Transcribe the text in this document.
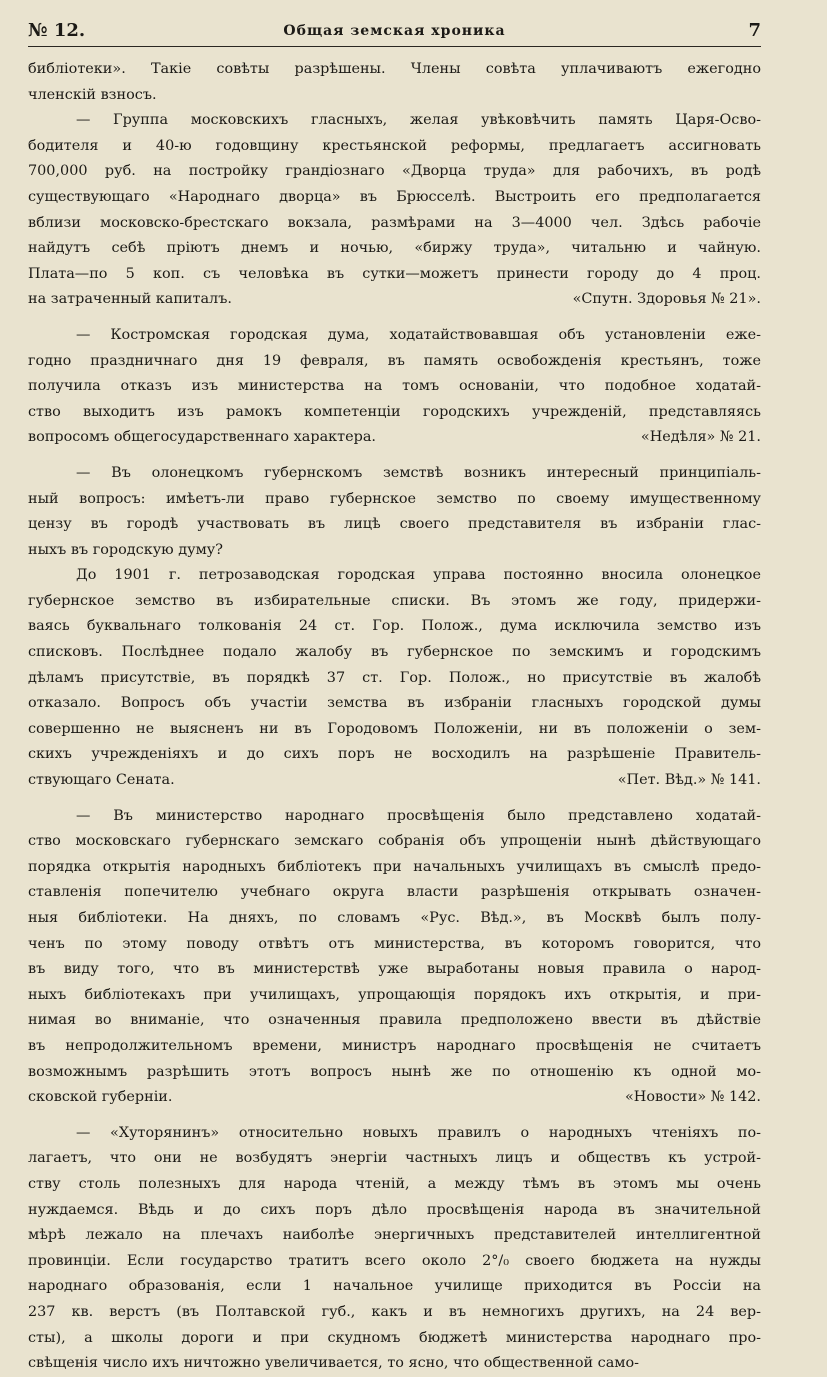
№ 12.	Общая земская хроника	7
библіотеки». Такіе совѣты разрѣшены. Члены совѣта уплачиваютъ ежегодно
членскій взносъ.
— Группа московскихъ гласныхъ, желая увѣковѣчить память Царя-Осво-
бодителя и 40-ю годовщину крестьянской реформы, предлагаетъ ассигновать
700,000 руб. на постройку грандіознаго «Дворца труда» для рабочихъ, въ родѣ
существующаго «Народнаго дворца» въ Брюсселѣ. Выстроить его предполагается
вблизи московско-брестскаго вокзала, размѣрами на 3—4000 чел. Здѣсь рабочіе
найдутъ себѣ пріютъ днемъ и ночью, «биржу труда», читальню и чайную.
Плата—по 5 коп. съ человѣка въ сутки—можетъ принести городу до 4 проц.
на затраченный капиталъ.	«Спутн. Здоровья № 21».
— Костромская городская дума, ходатайствовавшая объ установленіи еже-
годно праздничнаго дня 19 февраля, въ память освобожденія крестьянъ, тоже
получила отказъ изъ министерства на томъ основаніи, что подобное ходатай-
ство выходитъ изъ рамокъ компетенціи городскихъ учрежденій, представляясь
вопросомъ общегосударственнаго характера.	«Недѣля» № 21.
— Въ олонецкомъ губернскомъ земствѣ возникъ интересный принципіаль-
ный вопросъ: имѣетъ-ли право губернское земство по своему имущественному
цензу въ городѣ участвовать въ лицѣ своего представителя въ избраніи глас-
ныхъ въ городскую думу?
До 1901 г. петрозаводская городская управа постоянно вносила олонецкое
губернское земство въ избирательные списки. Въ этомъ же году, придержи-
ваясь буквальнаго толкованія 24 ст. Гор. Полож., дума исключила земство изъ
списковъ. Послѣднее подало жалобу въ губернское по земскимъ и городскимъ
дѣламъ присутствіе, въ порядкѣ 37 ст. Гор. Полож., но присутствіе въ жалобѣ
отказало. Вопросъ объ участіи земства въ избраніи гласныхъ городской думы
совершенно не выясненъ ни въ Городовомъ Положеніи, ни въ положеніи о зем-
скихъ учрежденіяхъ и до сихъ поръ не восходилъ на разрѣшеніе Правитель-
ствующаго Сената.	«Пет. Вѣд.» № 141.
— Въ министерство народнаго просвѣщенія было представлено ходатай-
ство московскаго губернскаго земскаго собранія объ упрощеніи нынѣ дѣйствующаго
порядка открытія народныхъ библіотекъ при начальныхъ училищахъ въ смыслѣ предо-
ставленія попечителю учебнаго округа власти разрѣшенія открывать означен-
ныя библіотеки. На дняхъ, по словамъ «Рус. Вѣд.», въ Москвѣ былъ полу-
ченъ по этому поводу отвѣтъ отъ министерства, въ которомъ говорится, что
въ виду того, что въ министерствѣ уже выработаны новыя правила о народ-
ныхъ библіотекахъ при училищахъ, упрощающія порядокъ ихъ открытія, и при-
нимая во вниманіе, что означенныя правила предположено ввести въ дѣйствіе
въ непродолжительномъ времени, министръ народнаго просвѣщенія не считаетъ
возможнымъ разрѣшить этотъ вопросъ нынѣ же по отношенію къ одной мо-
сковской губерніи.	«Новости» № 142.
— «Хуторянинъ» относительно новыхъ правилъ о народныхъ чтеніяхъ по-
лагаетъ, что они не возбудятъ энергіи частныхъ лицъ и обществъ къ устрой-
ству столь полезныхъ для народа чтеній, а между тѣмъ въ этомъ мы очень
нуждаемся. Вѣдь и до сихъ поръ дѣло просвѣщенія народа въ значительной
мѣрѣ лежало на плечахъ наиболѣе энергичныхъ представителей интеллигентной
провинціи. Если государство тратитъ всего около 2°/₀ своего бюджета на нужды
народнаго образованія, если 1 начальное училище приходится въ Россіи на
237 кв. верстъ (въ Полтавской губ., какъ и въ немногихъ другихъ, на 24 вер-
сты), а школы дороги и при скудномъ бюджетѣ министерства народнаго про-
свѣщенія число ихъ ничтожно увеличивается, то ясно, что общественной само-
